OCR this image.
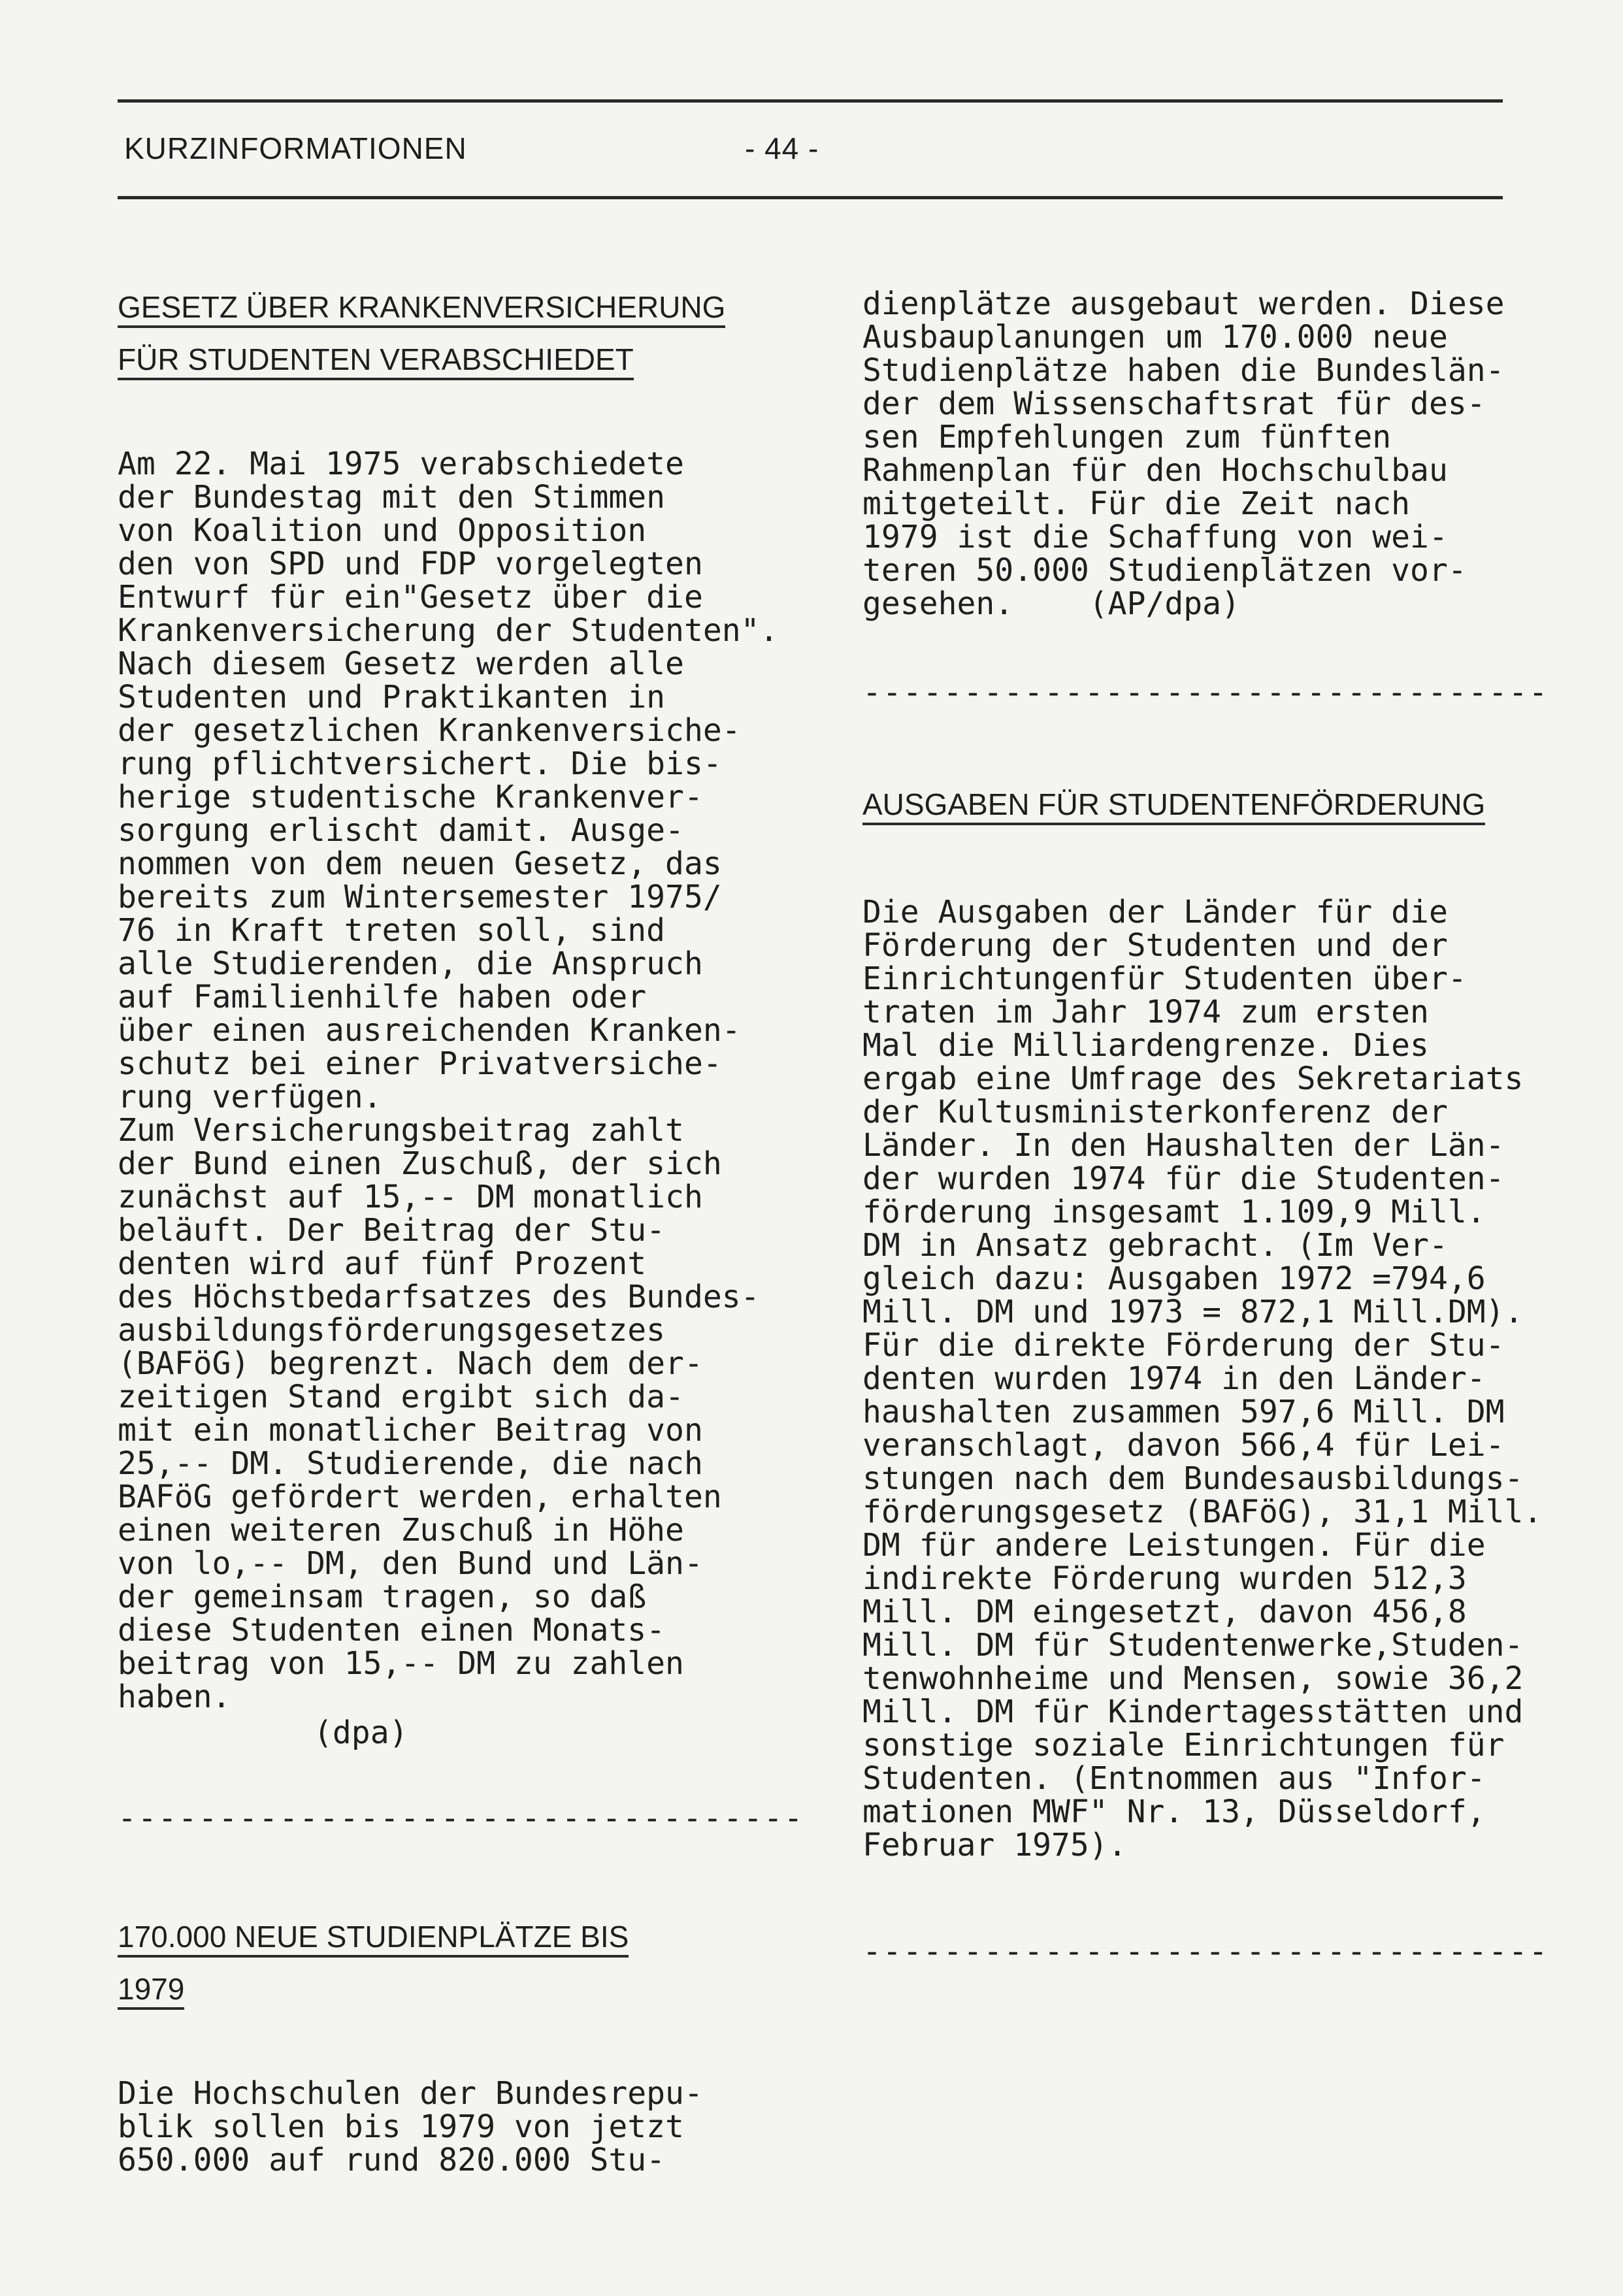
KURZINFORMATIONEN	- 44 -
GESETZ ÜBER KRANKENVERSICHERUNG
FÜR STUDENTEN VERABSCHIEDET
Am 22. Mai 1975 verabschiedete
der Bundestag mit den Stimmen
von Koalition und Opposition
den von SPD und FDP vorgelegten
Entwurf für ein"Gesetz über die
Krankenversicherung der Studenten".
Nach diesem Gesetz werden alle
Studenten und Praktikanten in
der gesetzlichen Krankenversiche-
rung pflichtversichert. Die bis-
herige studentische Krankenver-
sorgung erlischt damit. Ausge-
nommen von dem neuen Gesetz, das
bereits zum Wintersemester 1975/
76 in Kraft treten soll, sind
alle Studierenden, die Anspruch
auf Familienhilfe haben oder
über einen ausreichenden Kranken-
schutz bei einer Privatversiche-
rung verfügen.
Zum Versicherungsbeitrag zahlt
der Bund einen Zuschuß, der sich
zunächst auf 15,-- DM monatlich
beläuft. Der Beitrag der Stu-
denten wird auf fünf Prozent
des Höchstbedarfsatzes des Bundes-
ausbildungsförderungsgesetzes
(BAFöG) begrenzt. Nach dem der-
zeitigen Stand ergibt sich da-
mit ein monatlicher Beitrag von
25,-- DM. Studierende, die nach
BAFöG gefördert werden, erhalten
einen weiteren Zuschuß in Höhe
von lo,-- DM, den Bund und Län-
der gemeinsam tragen, so daß
diese Studenten einen Monats-
beitrag von 15,-- DM zu zahlen
haben.
(dpa)
----------------------------------
170.000 NEUE STUDIENPLÄTZE BIS
1979
Die Hochschulen der Bundesrepu-
blik sollen bis 1979 von jetzt
650.000 auf rund 820.000 Stu-
dienplätze ausgebaut werden. Diese
Ausbauplanungen um 170.000 neue
Studienplätze haben die Bundeslän-
der dem Wissenschaftsrat für des-
sen Empfehlungen zum fünften
Rahmenplan für den Hochschulbau
mitgeteilt. Für die Zeit nach
1979 ist die Schaffung von wei-
teren 50.000 Studienplätzen vor-
gesehen.    (AP/dpa)
----------------------------------
AUSGABEN FÜR STUDENTENFÖRDERUNG
Die Ausgaben der Länder für die
Förderung der Studenten und der
Einrichtungenfür Studenten über-
traten im Jahr 1974 zum ersten
Mal die Milliardengrenze. Dies
ergab eine Umfrage des Sekretariats
der Kultusministerkonferenz der
Länder. In den Haushalten der Län-
der wurden 1974 für die Studenten-
förderung insgesamt 1.109,9 Mill.
DM in Ansatz gebracht. (Im Ver-
gleich dazu: Ausgaben 1972 =794,6
Mill. DM und 1973 = 872,1 Mill.DM).
Für die direkte Förderung der Stu-
denten wurden 1974 in den Länder-
haushalten zusammen 597,6 Mill. DM
veranschlagt, davon 566,4 für Lei-
stungen nach dem Bundesausbildungs-
förderungsgesetz (BAFöG), 31,1 Mill.
DM für andere Leistungen. Für die
indirekte Förderung wurden 512,3
Mill. DM eingesetzt, davon 456,8
Mill. DM für Studentenwerke,Studen-
tenwohnheime und Mensen, sowie 36,2
Mill. DM für Kindertagesstätten und
sonstige soziale Einrichtungen für
Studenten. (Entnommen aus "Infor-
mationen MWF" Nr. 13, Düsseldorf,
Februar 1975).
----------------------------------
